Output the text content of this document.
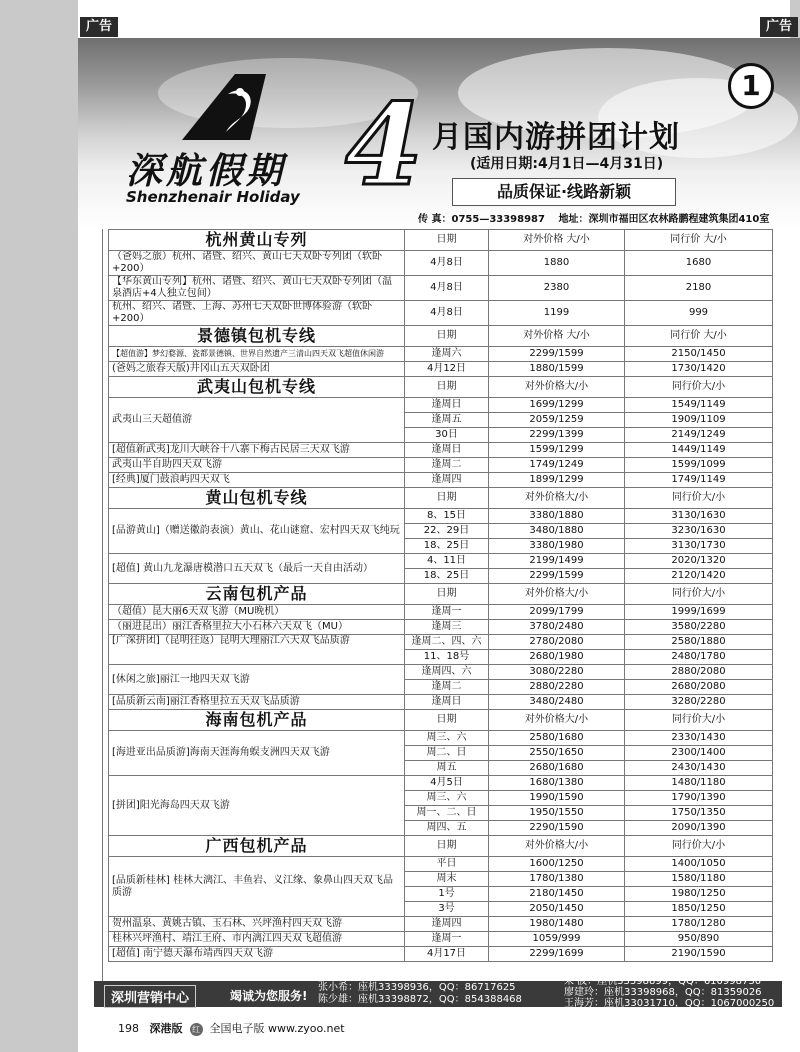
广告	广告
1
深航假期
Shenzhenair Holiday 4 月国内游拼团计划
(适用日期:4月1日—4月31日)
品质保证·线路新颖
传 真：0755—33398987 地址：深圳市福田区农林路鹏程建筑集团410室
杭州黄山专列	日期	对外价格 大/小	同行价 大/小
（爸妈之旅）杭州、诸暨、绍兴、黄山七天双卧专列团（软卧+200）	4月8日	1880	1680
【华东黄山专列】杭州、诸暨、绍兴、黄山七天双卧专列团（温泉酒店+4人独立包间）	4月8日	2380	2180
杭州、绍兴、诸暨、上海、苏州七天双卧世博体验游（软卧+200）	4月8日	1199	999
景德镇包机专线	日期	对外价格 大/小	同行价 大/小
【超值游】梦幻婺源、瓷都景德镇、世界自然遗产三清山四天双飞超值休闲游	逢周六	2299/1599	2150/1450
(爸妈之旅春天版)井冈山五天双卧团	4月12日	1880/1599	1730/1420
武夷山包机专线	日期	对外价格大/小	同行价大/小
武夷山三天超值游	逢周日	1699/1299	1549/1149
	逢周五	2059/1259	1909/1109
	30日	2299/1399	2149/1249
[超值新武夷]龙川大峡谷十八寨下梅古民居三天双飞游	逢周日	1599/1299	1449/1149
武夷山半自助四天双飞游	逢周二	1749/1249	1599/1099
[经典]厦门鼓浪屿四天双飞	逢周四	1899/1299	1749/1149
黄山包机专线	日期	对外价格大/小	同行价大/小
[品游黄山]（赠送徽韵表演）黄山、花山谜窟、宏村四天双飞纯玩	8、15日	3380/1880	3130/1630
	22、29日	3480/1880	3230/1630
	18、25日	3380/1980	3130/1730
[超值] 黄山九龙瀑唐模潜口五天双飞（最后一天自由活动）	4、11日	2199/1499	2020/1320
	18、25日	2299/1599	2120/1420
云南包机产品	日期	对外价格大/小	同行价大/小
（超值）昆大丽6天双飞游（MU晚机）	逢周一	2099/1799	1999/1699
（丽进昆出）丽江香格里拉大小石林六天双飞（MU）	逢周三	3780/2480	3580/2280
[广深拼团]（昆明往返）昆明大理丽江六天双飞品质游	逢周二、四、六	2780/2080	2580/1880
	11、18号	2680/1980	2480/1780
[休闲之旅]丽江一地四天双飞游	逢周四、六	3080/2280	2880/2080
	逢周二	2880/2280	2680/2080
[品质新云南]丽江香格里拉五天双飞品质游	逢周日	3480/2480	3280/2280
海南包机产品	日期	对外价格大/小	同行价大/小
[海进亚出品质游]海南天涯海角蜈支洲四天双飞游	周三、六	2580/1680	2330/1430
	周二、日	2550/1650	2300/1400
	周五	2680/1680	2430/1430
[拼团]阳光海岛四天双飞游	4月5日	1680/1380	1480/1180
	周三、六	1990/1590	1790/1390
	周一、二、日	1950/1550	1750/1350
	周四、五	2290/1590	2090/1390
广西包机产品	日期	对外价格大/小	同行价大/小
[品质新桂林] 桂林大漓江、丰鱼岩、义江缘、象鼻山四天双飞品质游	平日	1600/1250	1400/1050
	周末	1780/1380	1580/1180
	1号	2180/1450	1980/1250
	3号	2050/1450	1850/1250
贺州温泉、黄姚古镇、玉石林、兴坪渔村四天双飞游	逢周四	1980/1480	1780/1280
桂林兴坪渔村、靖江王府、市内漓江四天双飞超值游	逢周一	1059/999	950/890
[超值] 南宁德天瀑布靖西四天双飞游	4月17日	2299/1699	2190/1590
深圳营销中心	竭诚为您服务!
张小希：座机33398936，QQ：86717625
陈少雄：座机33398872，QQ：854388468
朱 波：座机33398899，QQ：610998730
廖建玲：座机33398968，QQ：81359026
王海芳：座机33031710，QQ：1067000250
198 深港版 红 全国电子版 www.zyoo.net
